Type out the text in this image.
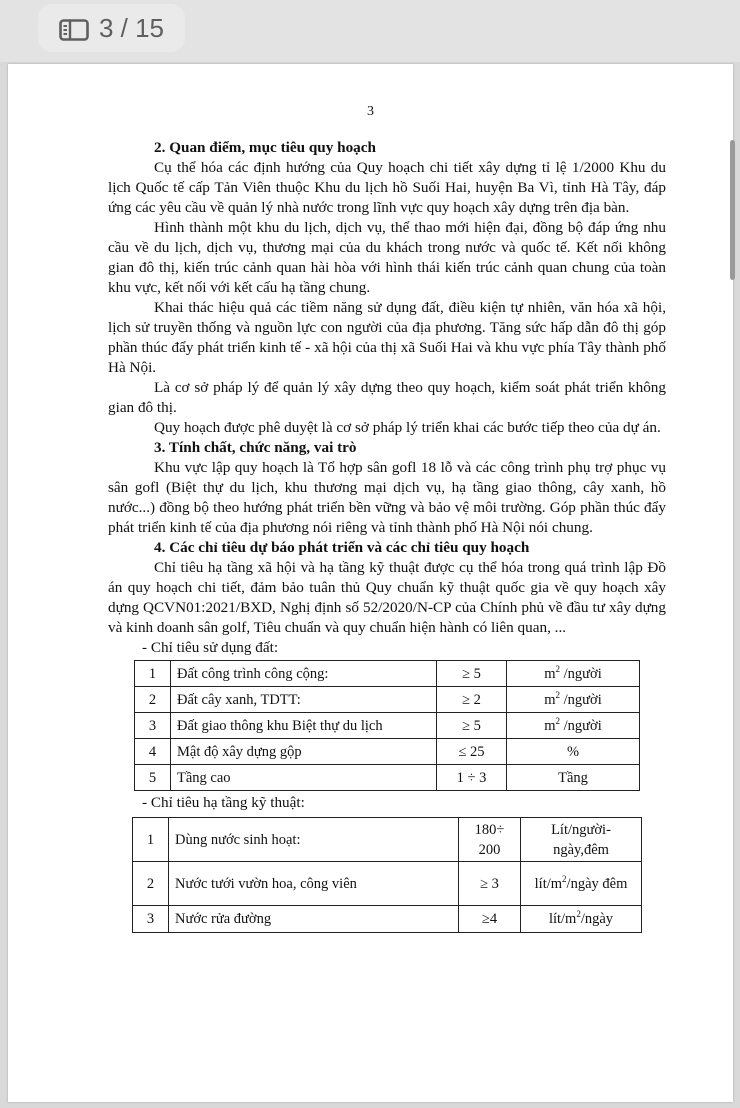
3 / 15
3
2. Quan điểm, mục tiêu quy hoạch

Cụ thể hóa các định hướng của Quy hoạch chi tiết xây dựng tỉ lệ 1/2000 Khu du lịch Quốc tế cấp Tản Viên thuộc Khu du lịch hồ Suối Hai, huyện Ba Vì, tỉnh Hà Tây, đáp ứng các yêu cầu về quản lý nhà nước trong lĩnh vực quy hoạch xây dựng trên địa bàn.

Hình thành một khu du lịch, dịch vụ, thể thao mới hiện đại, đồng bộ đáp ứng nhu cầu về du lịch, dịch vụ, thương mại của du khách trong nước và quốc tế. Kết nối không gian đô thị, kiến trúc cảnh quan hài hòa với hình thái kiến trúc cảnh quan chung của toàn khu vực, kết nối với kết cấu hạ tầng chung.

Khai thác hiệu quả các tiềm năng sử dụng đất, điều kiện tự nhiên, văn hóa xã hội, lịch sử truyền thống và nguồn lực con người của địa phương. Tăng sức hấp dẫn đô thị góp phần thúc đẩy phát triển kinh tế - xã hội của thị xã Suối Hai và khu vực phía Tây thành phố Hà Nội.

Là cơ sở pháp lý để quản lý xây dựng theo quy hoạch, kiểm soát phát triển không gian đô thị.

Quy hoạch được phê duyệt là cơ sở pháp lý triển khai các bước tiếp theo của dự án.

3. Tính chất, chức năng, vai trò

Khu vực lập quy hoạch là Tổ hợp sân gofl 18 lỗ và các công trình phụ trợ phục vụ sân gofl (Biệt thự du lịch, khu thương mại dịch vụ, hạ tầng giao thông, cây xanh, hồ nước...) đồng bộ theo hướng phát triển bền vững và bảo vệ môi trường. Góp phần thúc đẩy phát triển kinh tế của địa phương nói riêng và tỉnh thành phố Hà Nội nói chung.

4. Các chỉ tiêu dự báo phát triển và các chỉ tiêu quy hoạch

Chỉ tiêu hạ tầng xã hội và hạ tầng kỹ thuật được cụ thể hóa trong quá trình lập Đồ án quy hoạch chi tiết, đảm bảo tuân thủ Quy chuẩn kỹ thuật quốc gia về quy hoạch xây dựng QCVN01:2021/BXD, Nghị định số 52/2020/N-CP của Chính phủ về đầu tư xây dựng và kinh doanh sân golf, Tiêu chuẩn và quy chuẩn hiện hành có liên quan, ...

- Chỉ tiêu sử dụng đất:
1	Đất công trình công cộng:	≥ 5	$m^2$ /người
2	Đất cây xanh, TDTT:	≥ 2	$m^2$ /người
3	Đất giao thông khu Biệt thự du lịch	≥ 5	$m^2$ /người
4	Mật độ xây dựng gộp	≤ 25	%
5	Tầng cao	1 ÷ 3	Tầng
- Chỉ tiêu hạ tầng kỹ thuật:
1	Dùng nước sinh hoạt:	180÷ 200	Lít/người-ngày,đêm
2	Nước tưới vườn hoa, công viên	≥ 3	lít/$m^2$/ngày đêm
3	Nước rửa đường	≥4	lít/$m^2$/ngày
